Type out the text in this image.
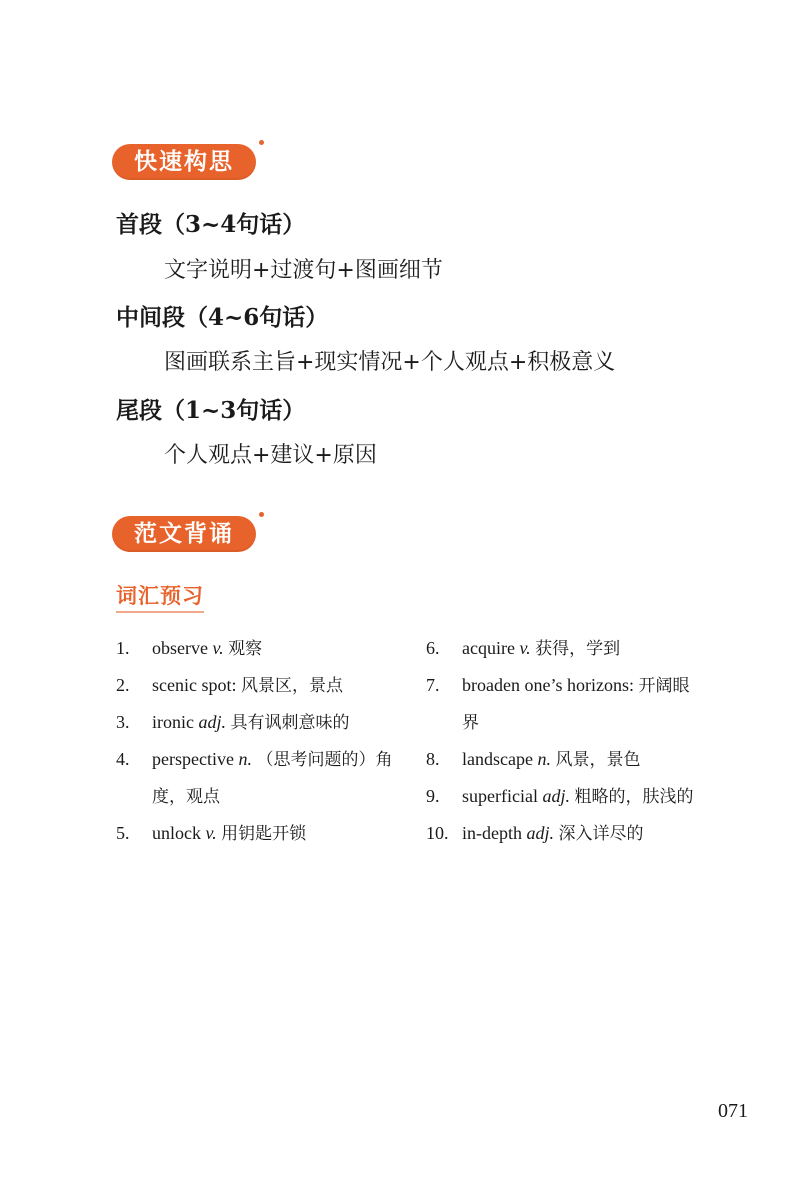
快速构思
首段（3~4句话）
文字说明+过渡句+图画细节
中间段（4~6句话）
图画联系主旨+现实情况+个人观点+积极意义
尾段（1~3句话）
个人观点+建议+原因
范文背诵
词汇预习
1.	observe v. 观察
2.	scenic spot: 风景区，景点
3.	ironic adj. 具有讽刺意味的
4.	perspective n. （思考问题的）角度，观点
5.	unlock v. 用钥匙开锁
6.	acquire v. 获得，学到
7.	broaden one’s horizons: 开阔眼界
8.	landscape n. 风景，景色
9.	superficial adj. 粗略的，肤浅的
10. in-depth adj. 深入详尽的
071
